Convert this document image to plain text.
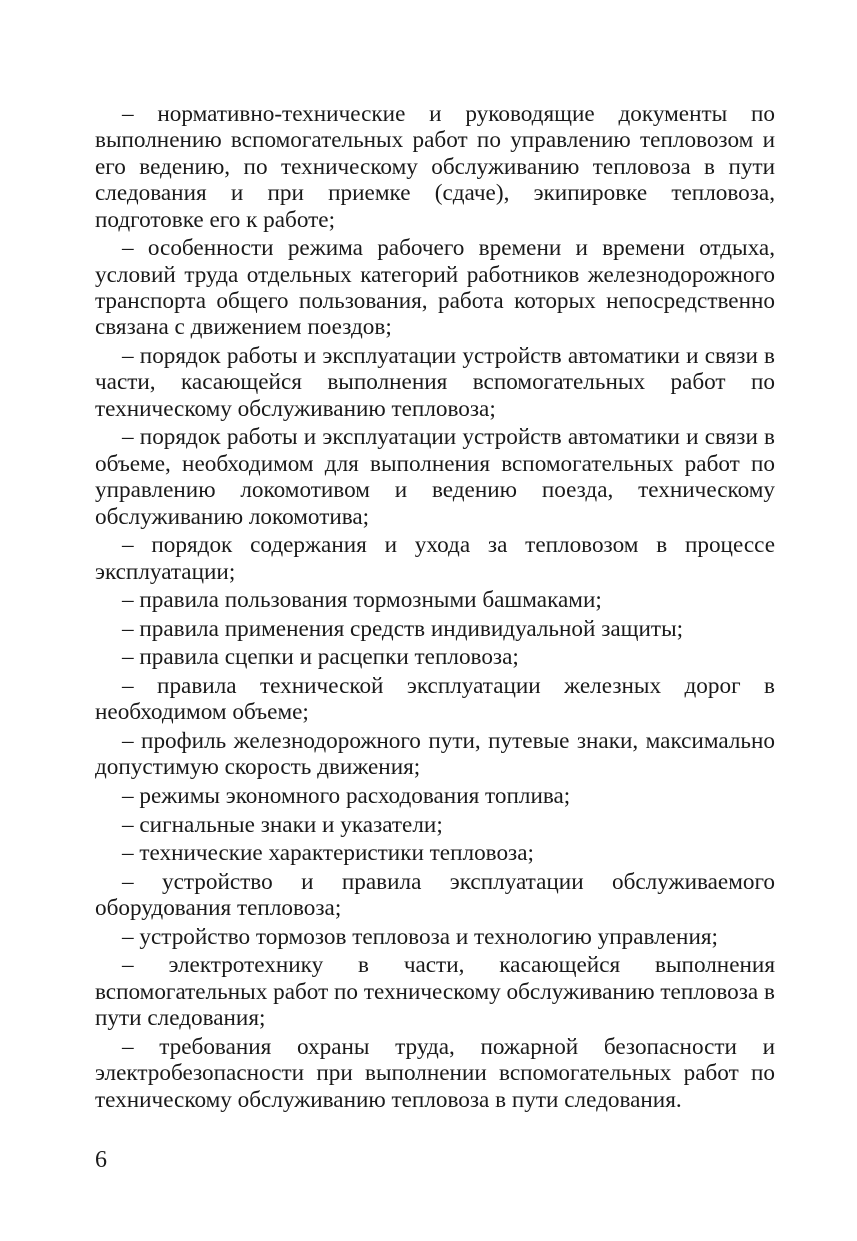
– нормативно-технические и руководящие документы по выполнению вспомогательных работ по управлению тепловозом и его ведению, по техническому обслуживанию тепловоза в пути следования и при приемке (сдаче), экипировке тепловоза, подготовке его к работе;

– особенности режима рабочего времени и времени отдыха, условий труда отдельных категорий работников железнодорожного транспорта общего пользования, работа которых непосредственно связана с движением поездов;

– порядок работы и эксплуатации устройств автоматики и связи в части, касающейся выполнения вспомогательных работ по техническому обслуживанию тепловоза;

– порядок работы и эксплуатации устройств автоматики и связи в объеме, необходимом для выполнения вспомогательных работ по управлению локомотивом и ведению поезда, техническому обслуживанию локомотива;

– порядок содержания и ухода за тепловозом в процессе эксплуатации;

– правила пользования тормозными башмаками;

– правила применения средств индивидуальной защиты;

– правила сцепки и расцепки тепловоза;

– правила технической эксплуатации железных дорог в необходимом объеме;

– профиль железнодорожного пути, путевые знаки, максимально допустимую скорость движения;

– режимы экономного расходования топлива;

– сигнальные знаки и указатели;

– технические характеристики тепловоза;

– устройство и правила эксплуатации обслуживаемого оборудования тепловоза;

– устройство тормозов тепловоза и технологию управления;

– электротехнику в части, касающейся выполнения вспомогательных работ по техническому обслуживанию тепловоза в пути следования;

– требования охраны труда, пожарной безопасности и электробезопасности при выполнении вспомогательных работ по техническому обслуживанию тепловоза в пути следования.

6
